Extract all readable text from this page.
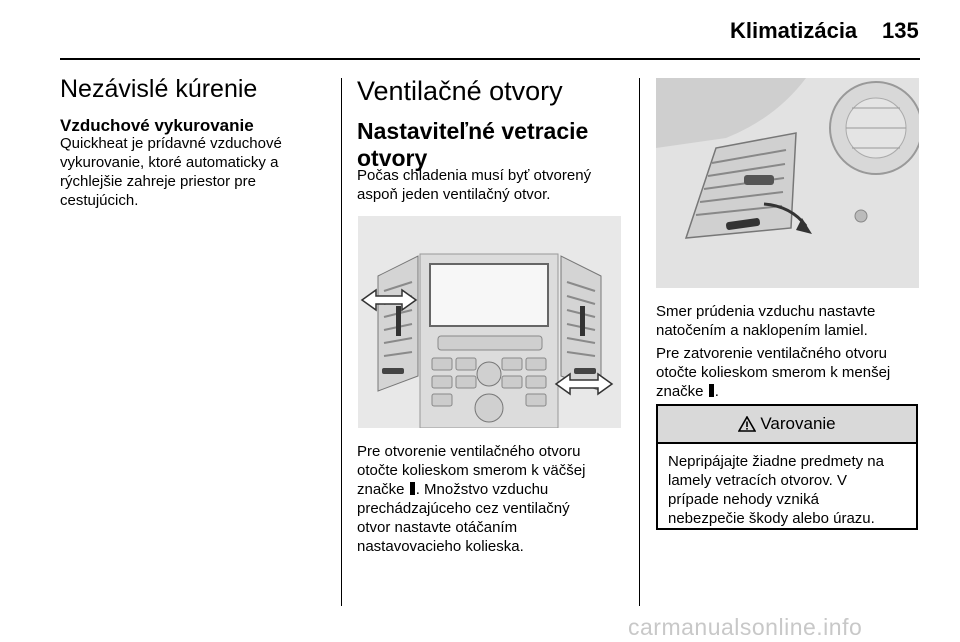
Klimatizácia 135
Nezávislé kúrenie
Vzduchové vykurovanie
Quickheat je prídavné vzduchové
vykurovanie, ktoré automaticky a
rýchlejšie zahreje priestor pre
cestujúcich.
Ventilačné otvory
Nastaviteľné vetracie
otvory
Počas chladenia musí byť otvorený
aspoň jeden ventilačný otvor.
Pre otvorenie ventilačného otvoru
otočte kolieskom smerom k väčšej
značke . Množstvo vzduchu
prechádzajúceho cez ventilačný
otvor nastavte otáčaním
nastavovacieho kolieska.
Smer prúdenia vzduchu nastavte
natočením a naklopením lamiel.
Pre zatvorenie ventilačného otvoru
otočte kolieskom smerom k menšej
značke .
Varovanie
Nepripájajte žiadne predmety na
lamely vetracích otvorov. V
prípade nehody vzniká
nebezpečie škody alebo úrazu.
carmanualsonline.info
